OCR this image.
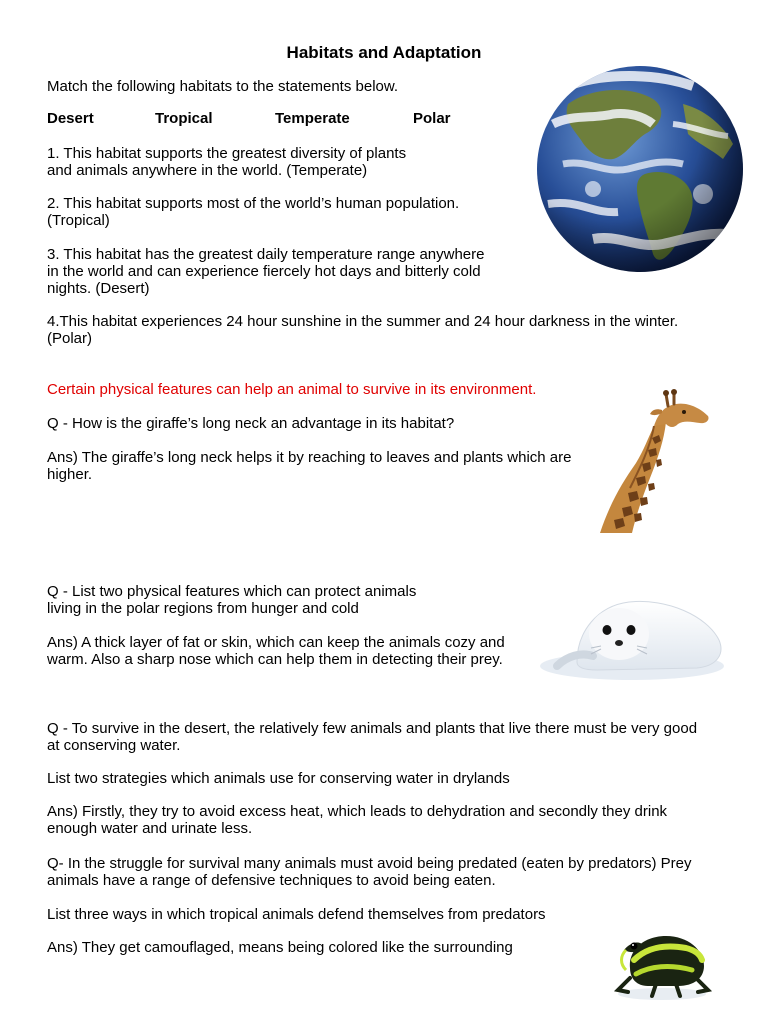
Habitats and Adaptation

Match the following habitats to the statements below.

Desert	Tropical	Temperate	Polar

1. This habitat supports the greatest diversity of plants

and animals anywhere in the world. (Temperate)

2. This habitat supports most of the world’s human population.

(Tropical)

3. This habitat has the greatest daily temperature range anywhere

in the world and can experience fiercely hot days and bitterly cold

nights. (Desert)

4.This habitat experiences 24 hour sunshine in the summer and 24 hour darkness in the winter.

(Polar)

Certain physical features can help an animal to survive in its environment.

Q - How is the giraffe’s long neck an advantage in its habitat?

Ans) The giraffe’s long neck helps it by reaching to leaves and plants which are

higher.

Q - List two physical features which can protect animals

living in the polar regions from hunger and cold

Ans) A thick layer of fat or skin, which can keep the animals cozy and

warm. Also a sharp nose which can help them in detecting their prey.

Q - To survive in the desert, the relatively few animals and plants that live there must be very good

at conserving water.

List two strategies which animals use for conserving water in drylands

Ans) Firstly, they try to avoid excess heat, which leads to dehydration and secondly they drink

enough water and urinate less.

Q- In the struggle for survival many animals must avoid being predated (eaten by predators) Prey

animals have a range of defensive techniques to avoid being eaten.

List three ways in which tropical animals defend themselves from predators

Ans) They get camouflaged, means being colored like the surrounding
